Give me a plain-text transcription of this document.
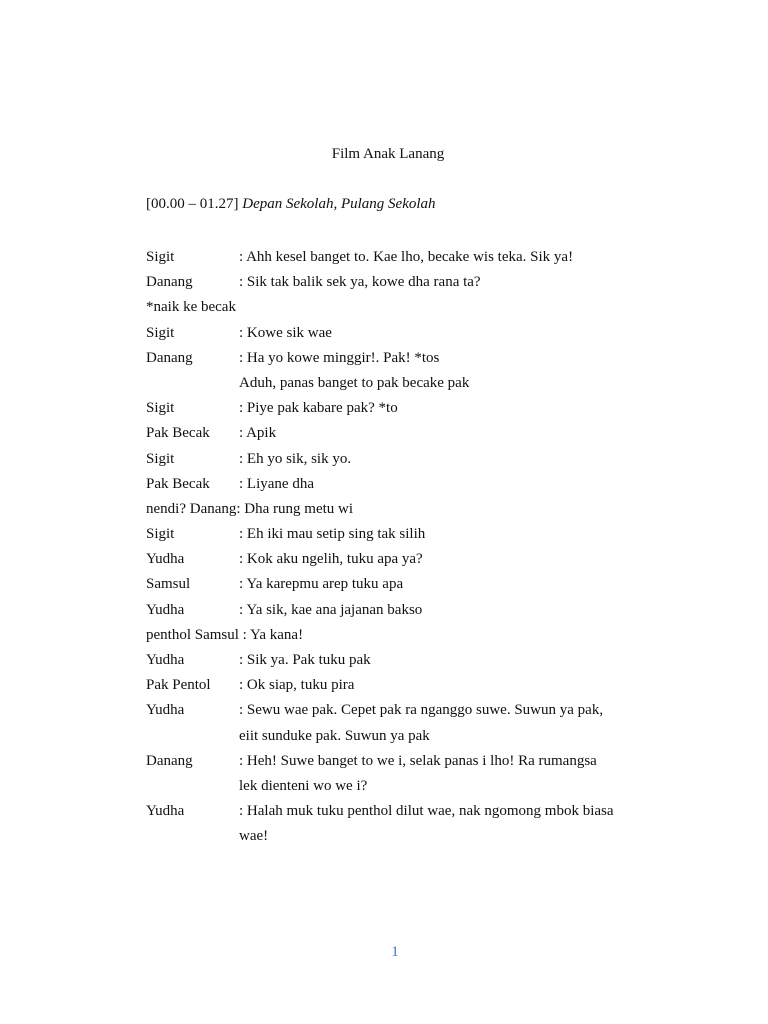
Film Anak Lanang
[00.00 – 01.27] Depan Sekolah, Pulang Sekolah
Sigit	: Ahh kesel banget to. Kae lho, becake wis teka. Sik ya!
Danang	: Sik tak balik sek ya, kowe dha rana ta?
*naik ke becak
Sigit	: Kowe sik wae
Danang	: Ha yo kowe minggir!. Pak! *tos
Aduh, panas banget to pak becake pak
Sigit	: Piye pak kabare pak? *to
Pak Becak : Apik
Sigit	: Eh yo sik, sik yo.
Pak Becak : Liyane dha
nendi? Danang: Dha rung metu wi
Sigit	: Eh iki mau setip sing tak silih
Yudha	: Kok aku ngelih, tuku apa ya?
Samsul	: Ya karepmu arep tuku apa
Yudha	: Ya sik, kae ana jajanan bakso
penthol Samsul : Ya kana!
Yudha	: Sik ya. Pak tuku pak
Pak Pentol : Ok siap, tuku pira
Yudha	: Sewu wae pak. Cepet pak ra nganggo suwe. Suwun ya pak,
eiit sunduke pak. Suwun ya pak
Danang	: Heh! Suwe banget to we i, selak panas i lho! Ra rumangsa
lek dienteni wo we i?
Yudha	: Halah muk tuku penthol dilut wae, nak ngomong mbok biasa
wae!
1
